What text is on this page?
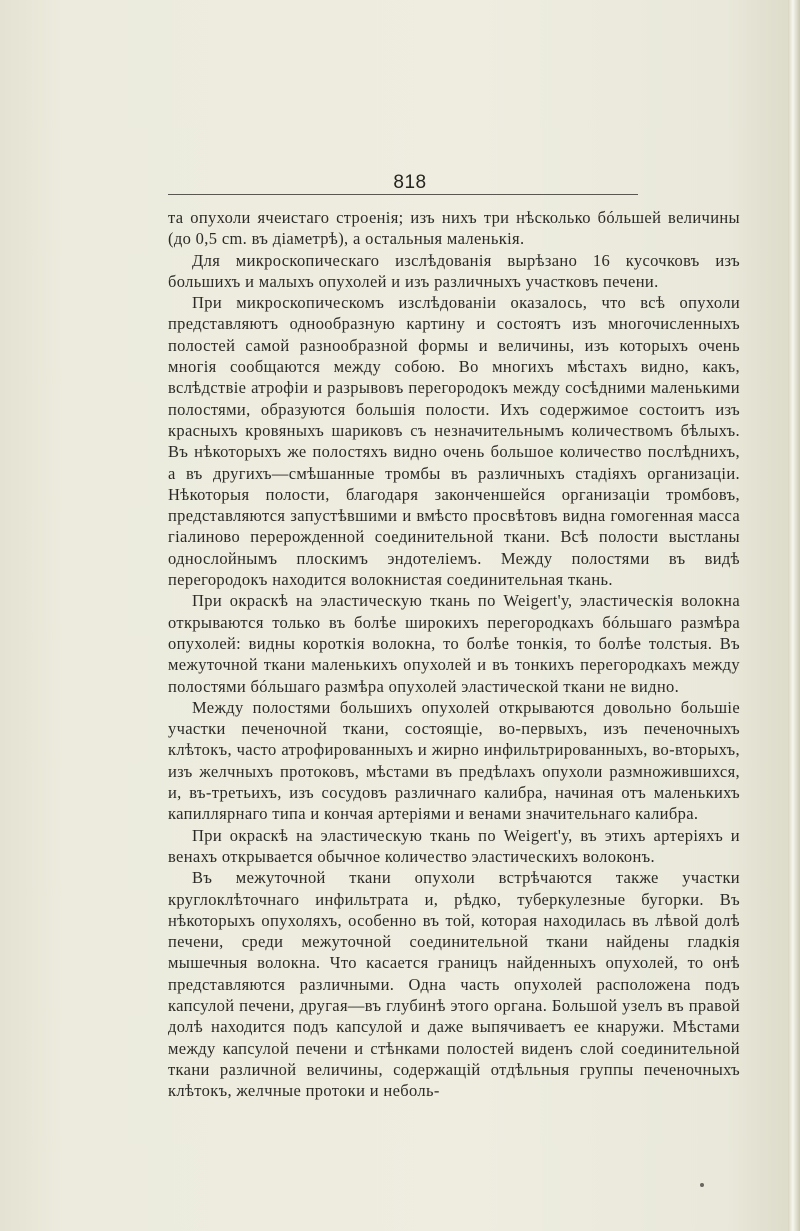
818

та опухоли ячеистаго строенія; изъ нихъ три нѣсколько бóльшей величины (до 0,5 cm. въ діаметрѣ), а остальныя маленькія.

Для микроскопическаго изслѣдованія вырѣзано 16 кусочковъ изъ большихъ и малыхъ опухолей и изъ различныхъ участковъ печени.

При микроскопическомъ изслѣдованіи оказалось, что всѣ опухоли представляютъ однообразную картину и состоятъ изъ многочисленныхъ полостей самой разнообразной формы и величины, изъ которыхъ очень многія сообщаются между собою. Во многихъ мѣстахъ видно, какъ, вслѣдствіе атрофіи и разрывовъ перегородокъ между сосѣдними маленькими полостями, образуются большія полости. Ихъ содержимое состоитъ изъ красныхъ кровяныхъ шариковъ съ незначительнымъ количествомъ бѣлыхъ. Въ нѣкоторыхъ же полостяхъ видно очень большое количество послѣднихъ, а въ другихъ—смѣшанные тромбы въ различныхъ стадіяхъ организаціи. Нѣкоторыя полости, благодаря законченшейся организаціи тромбовъ, представляются запустѣвшими и вмѣсто просвѣтовъ видна гомогенная масса гіалиново перерожденной соединительной ткани. Всѣ полости выстланы однослойнымъ плоскимъ эндотеліемъ. Между полостями въ видѣ перегородокъ находится волокнистая соединительная ткань.

При окраскѣ на эластическую ткань по Weigert'у, эластическія волокна открываются только въ болѣе широкихъ перегородкахъ бóльшаго размѣра опухолей: видны короткія волокна, то болѣе тонкія, то болѣе толстыя. Въ межуточной ткани маленькихъ опухолей и въ тонкихъ перегородкахъ между полостями бóльшаго размѣра опухолей эластической ткани не видно.

Между полостями большихъ опухолей открываются довольно большіе участки печеночной ткани, состоящіе, во-первыхъ, изъ печеночныхъ клѣтокъ, часто атрофированныхъ и жирно инфильтрированныхъ, во-вторыхъ, изъ желчныхъ протоковъ, мѣстами въ предѣлахъ опухоли размножившихся, и, въ-третьихъ, изъ сосудовъ различнаго калибра, начиная отъ маленькихъ капиллярнаго типа и кончая артеріями и венами значительнаго калибра.

При окраскѣ на эластическую ткань по Weigert'у, въ этихъ артеріяхъ и венахъ открывается обычное количество эластическихъ волоконъ.

Въ межуточной ткани опухоли встрѣчаются также участки круглоклѣточнаго инфильтрата и, рѣдко, туберкулезные бугорки. Въ нѣкоторыхъ опухоляхъ, особенно въ той, которая находилась въ лѣвой долѣ печени, среди межуточной соединительной ткани найдены гладкія мышечныя волокна. Что касается границъ найденныхъ опухолей, то онѣ представляются различными. Одна часть опухолей расположена подъ капсулой печени, другая—въ глубинѣ этого органа. Большой узелъ въ правой долѣ находится подъ капсулой и даже выпячиваетъ ее кнаружи. Мѣстами между капсулой печени и стѣнками полостей виденъ слой соединительной ткани различной величины, содержащій отдѣльныя группы печеночныхъ клѣтокъ, желчные протоки и неболь-
